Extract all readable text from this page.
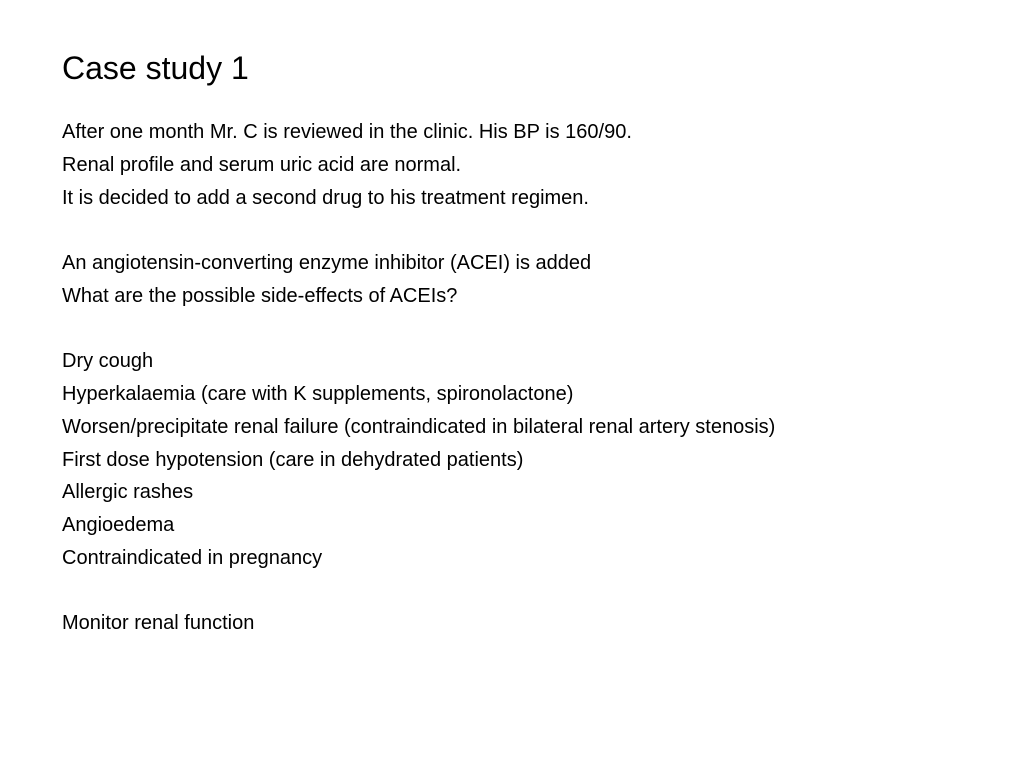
Case study 1
After one month Mr. C is reviewed in the clinic. His BP is 160/90.
Renal profile and serum uric acid are normal.
It is decided to add a second drug to his treatment regimen.
An angiotensin-converting enzyme inhibitor (ACEI) is added
What are the possible side-effects of ACEIs?
Dry cough
Hyperkalaemia (care with K supplements, spironolactone)
Worsen/precipitate renal failure (contraindicated in bilateral renal artery stenosis)
First dose hypotension (care in dehydrated patients)
Allergic rashes
Angioedema
Contraindicated in pregnancy
Monitor renal function
